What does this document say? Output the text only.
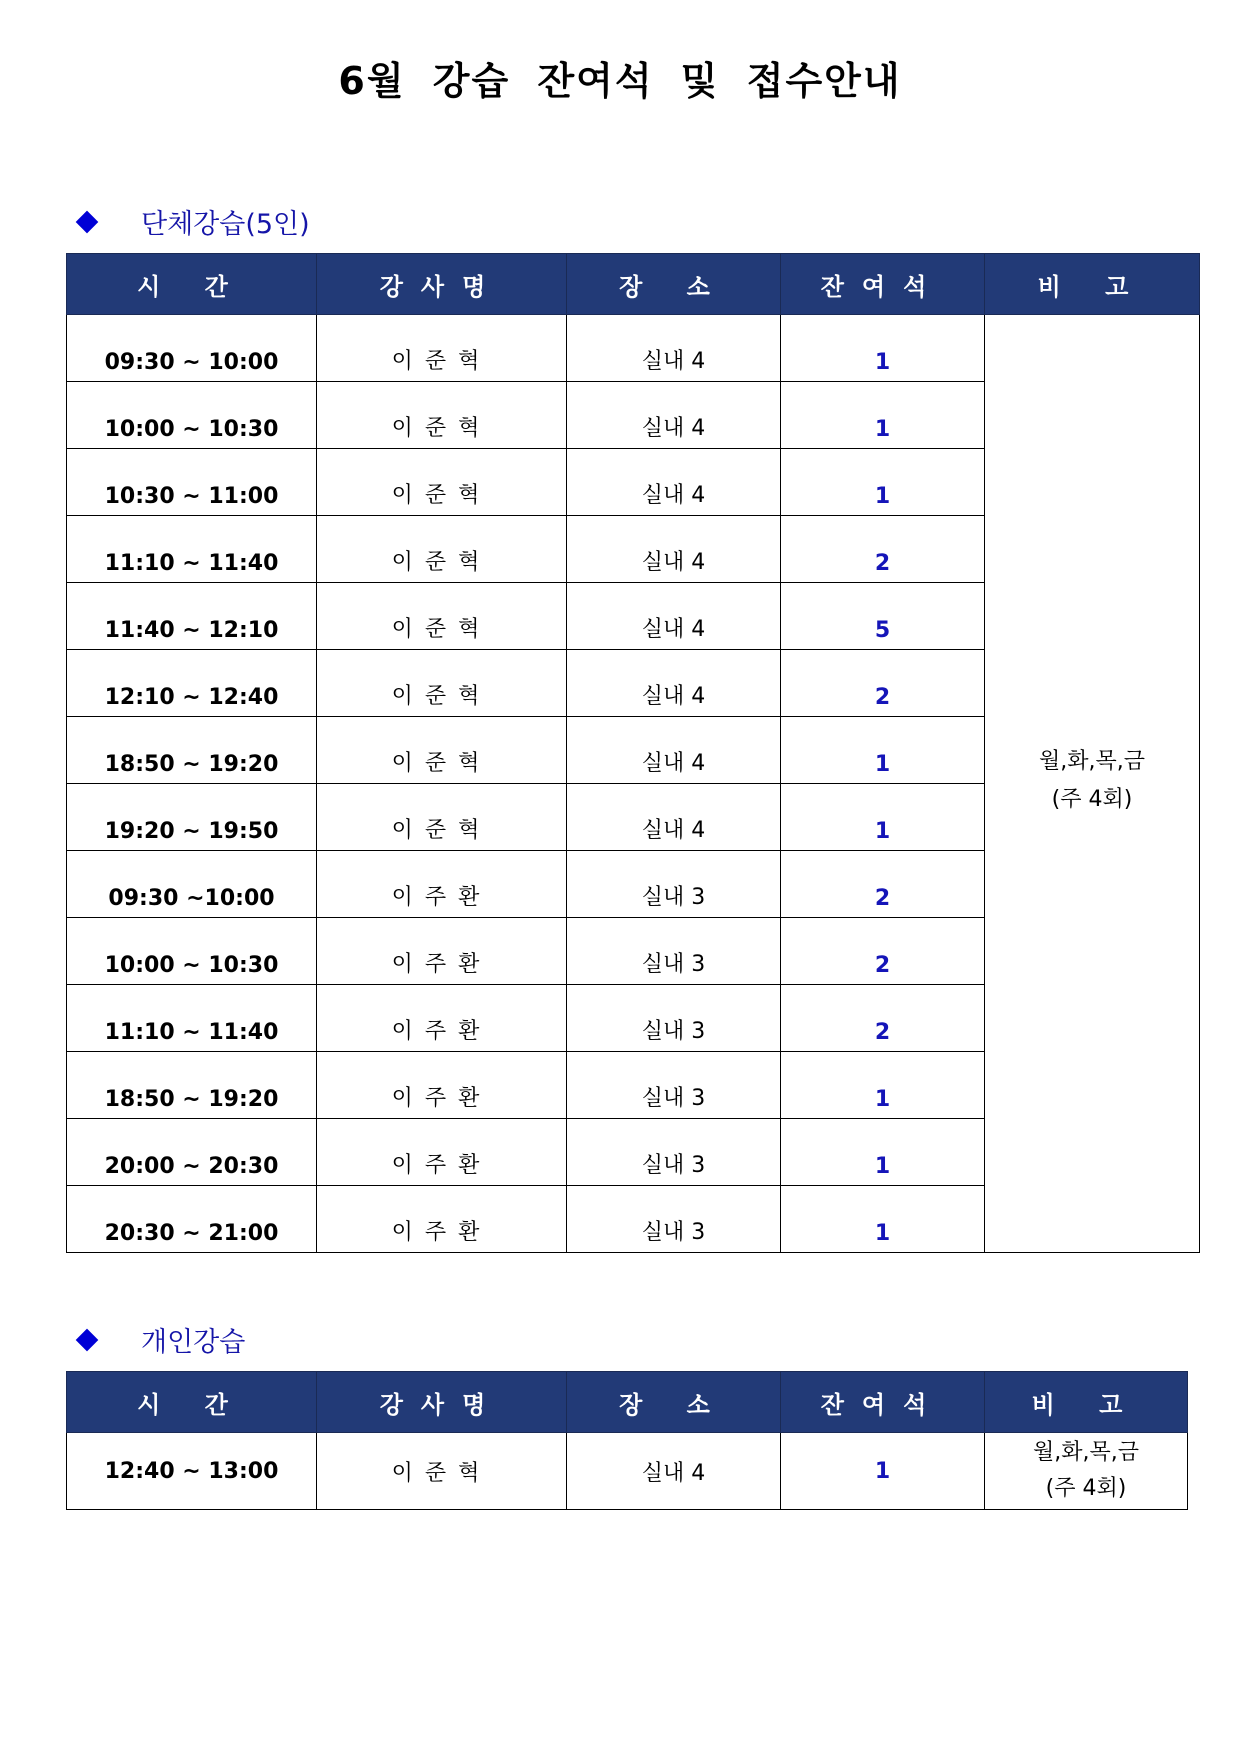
6월 강습 잔여석 및 접수안내
단체강습(5인)
시 간	강사명	장 소	잔여석	비 고
09:30 ~ 10:00	이준혁	실내 4	1	월,화,목,금
(주 4회)

10:00 ~ 10:30	이준혁	실내 4	1	
10:30 ~ 11:00	이준혁	실내 4	1	
11:10 ~ 11:40	이준혁	실내 4	2	
11:40 ~ 12:10	이준혁	실내 4	5	
12:10 ~ 12:40	이준혁	실내 4	2	
18:50 ~ 19:20	이준혁	실내 4	1	
19:20 ~ 19:50	이준혁	실내 4	1	
09:30 ~10:00	이주환	실내 3	2	
10:00 ~ 10:30	이주환	실내 3	2	
11:10 ~ 11:40	이주환	실내 3	2	
18:50 ~ 19:20	이주환	실내 3	1	
20:00 ~ 20:30	이주환	실내 3	1	
20:30 ~ 21:00	이주환	실내 3	1	
개인강습
시 간	강사명	장 소	잔여석	비 고
12:40 ~ 13:00	이준혁	실내 4	1	월,화,목,금
(주 4회)
